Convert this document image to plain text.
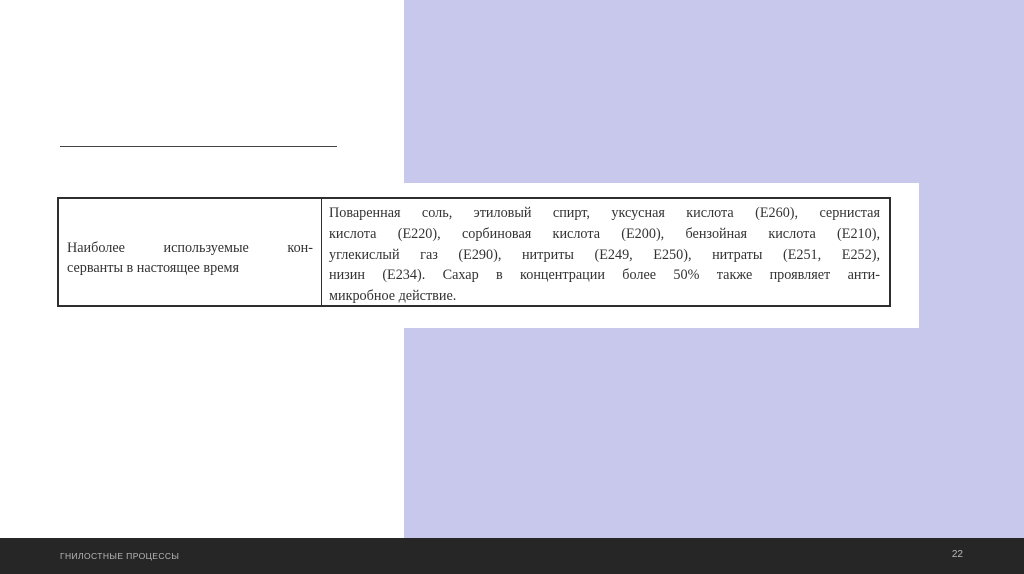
Наиболее используемые кон-
серванты в настоящее время
Поваренная соль, этиловый спирт, уксусная кислота (Е260), сернистая
кислота (Е220), сорбиновая кислота (Е200), бензойная кислота (Е210),
углекислый газ (Е290), нитриты (Е249, Е250), нитраты (Е251, Е252),
низин (Е234). Сахар в концентрации более 50% также проявляет анти-
микробное действие.
ГНИЛОСТНЫЕ ПРОЦЕССЫ	22
